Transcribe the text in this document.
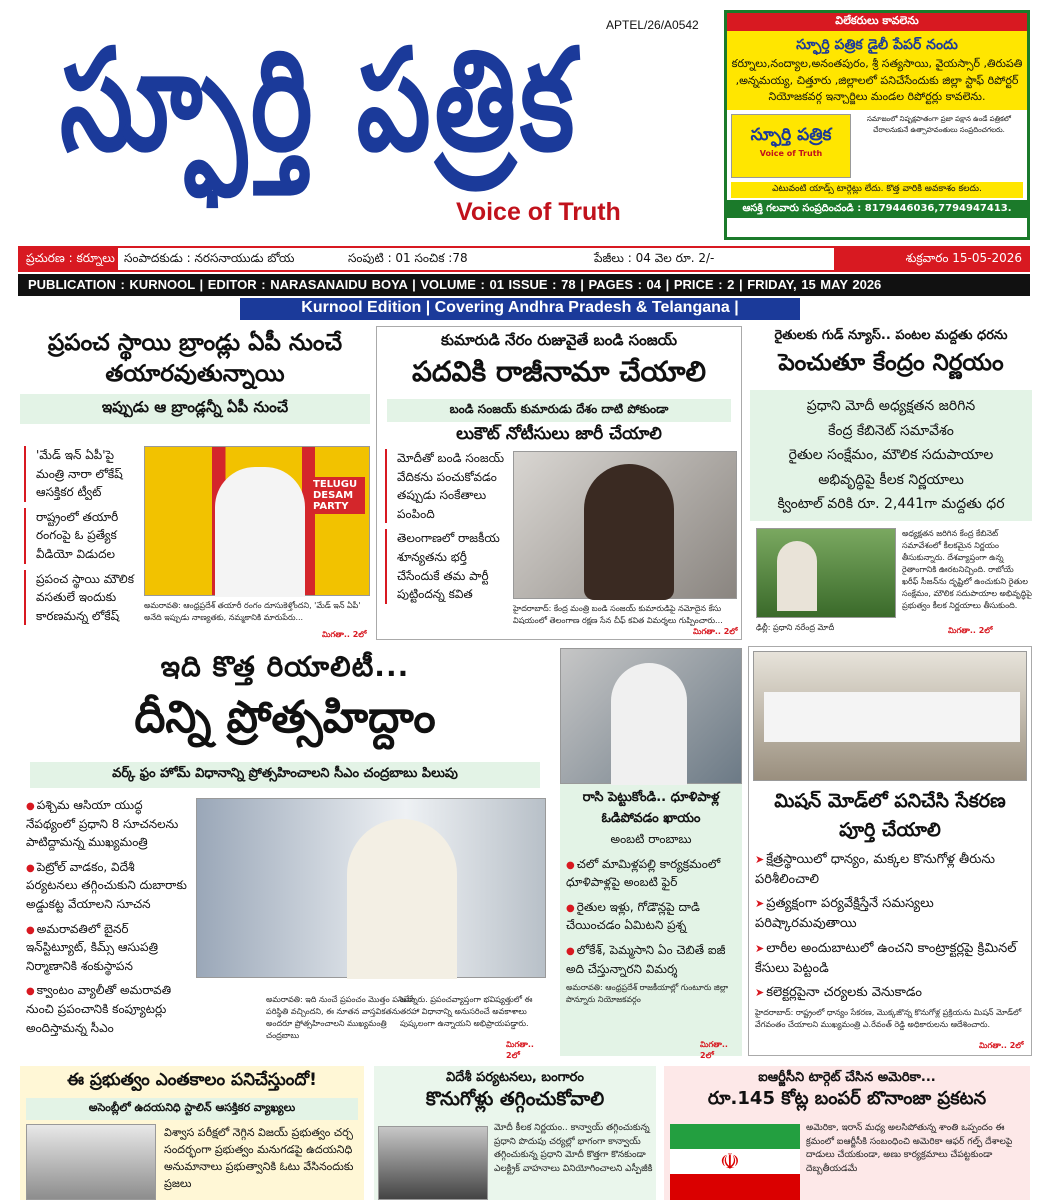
APTEL/26/A0542
స్ఫూర్తి పత్రిక
Voice of Truth
విలేకరులు కావలెను
స్ఫూర్తి పత్రిక డైలీ పేపర్ నందు
కర్నూలు,నంద్యాల,అనంతపురం, శ్రీ సత్యసాయి, వైయస్సార్ ,తిరుపతి ,అన్నమయ్య, చిత్తూరు ,జిల్లాలలో పనిచేసేందుకు జిల్లా స్టాఫ్ రిపోర్టర్ నియోజకవర్గ ఇన్చార్జిలు మండల రిపోర్టర్లు కావలెను.
స్ఫూర్తి పత్రిక
Voice of Truth
సమాజంలో నిష్పక్షపాతంగా ప్రజా పక్షాన ఉండే పత్రికలో చేరాలనుకునే ఉత్సాహవంతులు సంప్రదించగలరు.
ఎటువంటి యాడ్స్ టార్గెట్లు లేదు. కొత్త వారికి అవకాశం కలదు.
ఆసక్తి గలవారు సంప్రదించండి : 8179446036,7794947413.
ప్రచురణ : కర్నూలు సంపాదకుడు : నరసనాయుడు బోయ	సంపుటి : 01 సంచిక :78	పేజీలు : 04 వెల రూ. 2/-	శుక్రవారం 15-05-2026
PUBLICATION : KURNOOL | EDITOR : NARASANAIDU BOYA | VOLUME : 01 ISSUE : 78 | PAGES : 04 | PRICE : 2 | FRIDAY, 15 MAY 2026
Kurnool Edition | Covering Andhra Pradesh & Telangana |
ప్రపంచ స్థాయి బ్రాండ్లు ఏపీ నుంచే తయారవుతున్నాయి
ఇప్పుడు ఆ బ్రాండ్లన్నీ ఏపీ నుంచే
'మేడ్ ఇన్ ఏపీ'పై మంత్రి నారా లోకేష్ ఆసక్తికర ట్వీట్
రాష్ట్రంలో తయారీ రంగంపై ఓ ప్రత్యేక వీడియో విడుదల
ప్రపంచ స్థాయి మౌలిక వసతులే ఇందుకు కారణమన్న లోకేష్
TELUGU DESAM PARTY
అమరావతి: ఆంధ్రప్రదేశ్ తయారీ రంగం దూసుకెళ్తోందని, 'మేడ్ ఇన్ ఏపీ' అనేది ఇప్పుడు నాణ్యతకు, నమ్మకానికి మారుపేరు...
మిగతా.. 2లో
కుమారుడి నేరం రుజువైతే బండి సంజయ్
పదవికి రాజీనామా చేయాలి
బండి సంజయ్ కుమారుడు దేశం దాటి పోకుండా
లుకౌట్ నోటీసులు జారీ చేయాలి
మోదీతో బండి సంజయ్ వేదికను పంచుకోవడం తప్పుడు సంకేతాలు పంపింది
తెలంగాణలో రాజకీయ శూన్యతను భర్తీ చేసేందుకే తమ పార్టీ పుట్టిందన్న కవిత
హైదరాబాద్: కేంద్ర మంత్రి బండి సంజయ్ కుమారుడిపై నమోదైన కేసు విషయంలో తెలంగాణ రక్షణ సేన చీఫ్ కవిత విమర్శలు గుప్పించారు...
మిగతా.. 2లో
రైతులకు గుడ్ న్యూస్.. పంటల మద్దతు ధరను
పెంచుతూ కేంద్రం నిర్ణయం
ప్రధాని మోదీ అధ్యక్షతన జరిగిన
కేంద్ర కేబినెట్ సమావేశం
రైతుల సంక్షేమం, మౌలిక సదుపాయాల
అభివృద్ధిపై కీలక నిర్ణయాలు
క్వింటాల్ వరికి రూ. 2,441గా మద్దతు ధర
అధ్యక్షతన జరిగిన కేంద్ర కేబినెట్ సమావేశంలో కీలకమైన నిర్ణయం తీసుకున్నారు. దేశవ్యాప్తంగా ఉన్న రైతాంగానికి ఊరటనిచ్చింది. రాబోయే ఖరీఫ్ సీజన్‌ను దృష్టిలో ఉంచుకుని రైతుల సంక్షేమం, మౌలిక సదుపాయాల అభివృద్ధిపై ప్రభుత్వం కీలక నిర్ణయాలు తీసుకుంది.
ఢిల్లీ: ప్రధాని నరేంద్ర మోదీ	మిగతా.. 2లో
ఇది కొత్త రియాలిటీ...
దీన్ని ప్రోత్సహిద్దాం
వర్క్ ఫ్రం హోమ్ విధానాన్ని ప్రోత్సహించాలని సీఎం చంద్రబాబు పిలుపు
● పశ్చిమ ఆసియా యుద్ధ నేపథ్యంలో ప్రధాని 8 సూచనలను పాటిద్దామన్న ముఖ్యమంత్రి
● పెట్రోల్ వాడకం, విదేశీ పర్యటనలు తగ్గించుకుని దుబారాకు అడ్డుకట్ట వేయాలని సూచన
● అమరావతిలో బైనర్ ఇన్‌స్టిట్యూట్, కిమ్స్ ఆసుపత్రి నిర్మాణానికి శంకుస్థాపన
● క్వాంటం వ్యాలీతో అమరావతి నుంచి ప్రపంచానికి కంప్యూటర్లు అందిస్తామన్న సీఎం
అమరావతి: ఇది నుంచే ప్రపంచం మొత్తం పనిచేసే పరిస్థితి వచ్చిందని, ఈ నూతన వాస్తవికతను అందరూ ప్రోత్సహించాలని ముఖ్యమంత్రి చంద్రబాబు
అన్నారు. ప్రపంచవ్యాప్తంగా భవిష్యత్తులో ఈ తరహా విధానాన్ని అనుసరించే అవకాశాలు పుష్కలంగా ఉన్నాయని అభిప్రాయపడ్డారు.
మిగతా.. 2లో
రాసి పెట్టుకోండి.. ధూళిపాళ్ల ఓడిపోవడం ఖాయం
అంబటి రాంబాబు
● చలో మామిళ్లపల్లి కార్యక్రమంలో ధూళిపాళ్లపై అంబటి ఫైర్
● రైతుల ఇళ్లు, గోడౌన్లపై దాడి చేయించడం ఏమిటని ప్రశ్న
● లోకేశ్, పెమ్మసాని ఏం చెబితే ఐజీ అది చేస్తున్నారని విమర్శ
అమరావతి: ఆంధ్రప్రదేశ్ రాజకీయాల్లో గుంటూరు జిల్లా పొన్నూరు నియోజకవర్గం
మిగతా.. 2లో
మిషన్ మోడ్‌లో పనిచేసి సేకరణ పూర్తి చేయాలి
➤ క్షేత్రస్థాయిలో ధాన్యం, మక్కల కొనుగోళ్ల తీరును పరిశీలించాలి
➤ ప్రత్యక్షంగా పర్యవేక్షిస్తేనే సమస్యలు పరిష్కారమవుతాయి
➤ లారీల అందుబాటులో ఉంచని కాంట్రాక్టర్లపై క్రిమినల్ కేసులు పెట్టండి
➤ కలెక్టర్లపైనా చర్యలకు వెనుకాడం
హైదరాబాద్: రాష్ట్రంలో ధాన్యం సేకరణ, మొక్కజొన్న కొనుగోళ్ల ప్రక్రియను మిషన్ మోడ్‌లో వేగవంతం చేయాలని ముఖ్యమంత్రి ఎ.రేవంత్ రెడ్డి అధికారులను ఆదేశించారు.
మిగతా.. 2లో
ఈ ప్రభుత్వం ఎంతకాలం పనిచేస్తుందో!
అసెంబ్లీలో ఉదయనిధి స్టాలిన్ ఆసక్తికర వ్యాఖ్యలు
విశ్వాస పరీక్షలో నెగ్గిన విజయ్ ప్రభుత్వం చర్చ సందర్భంగా ప్రభుత్వం మనుగడపై ఉదయనిధి అనుమానాలు ప్రభుత్వానికి ఓటు వేసినందుకు ప్రజలు
విదేశీ పర్యటనలు, బంగారం
కొనుగోళ్లు తగ్గించుకోవాలి
మోదీ కీలక నిర్ణయం.. కాన్వాయ్ తగ్గించుకున్న ప్రధాని పొదుపు చర్యల్లో భాగంగా కాన్వాయ్ తగ్గించుకున్న ప్రధాని మోదీ కొత్తగా కొనకుండా ఎలక్ట్రిక్ వాహనాలు వినియోగించాలని ఎస్పీజీకి
ఐఆర్జీసీని టార్గెట్ చేసిన అమెరికా...
రూ.145 కోట్ల బంపర్ బొనాంజా ప్రకటన
☫
అమెరికా, ఇరాన్ మధ్య అలసిపోతున్న శాంతి ఒప్పందం ఈ క్రమంలో ఐఆర్జీసీకి సంబంధించి అమెరికా ఆఫర్ గల్ఫ్ దేశాలపై దాడులు చేయకుండా, అణు కార్యక్రమాలు చేపట్టకుండా దెబ్బతీయడమే
